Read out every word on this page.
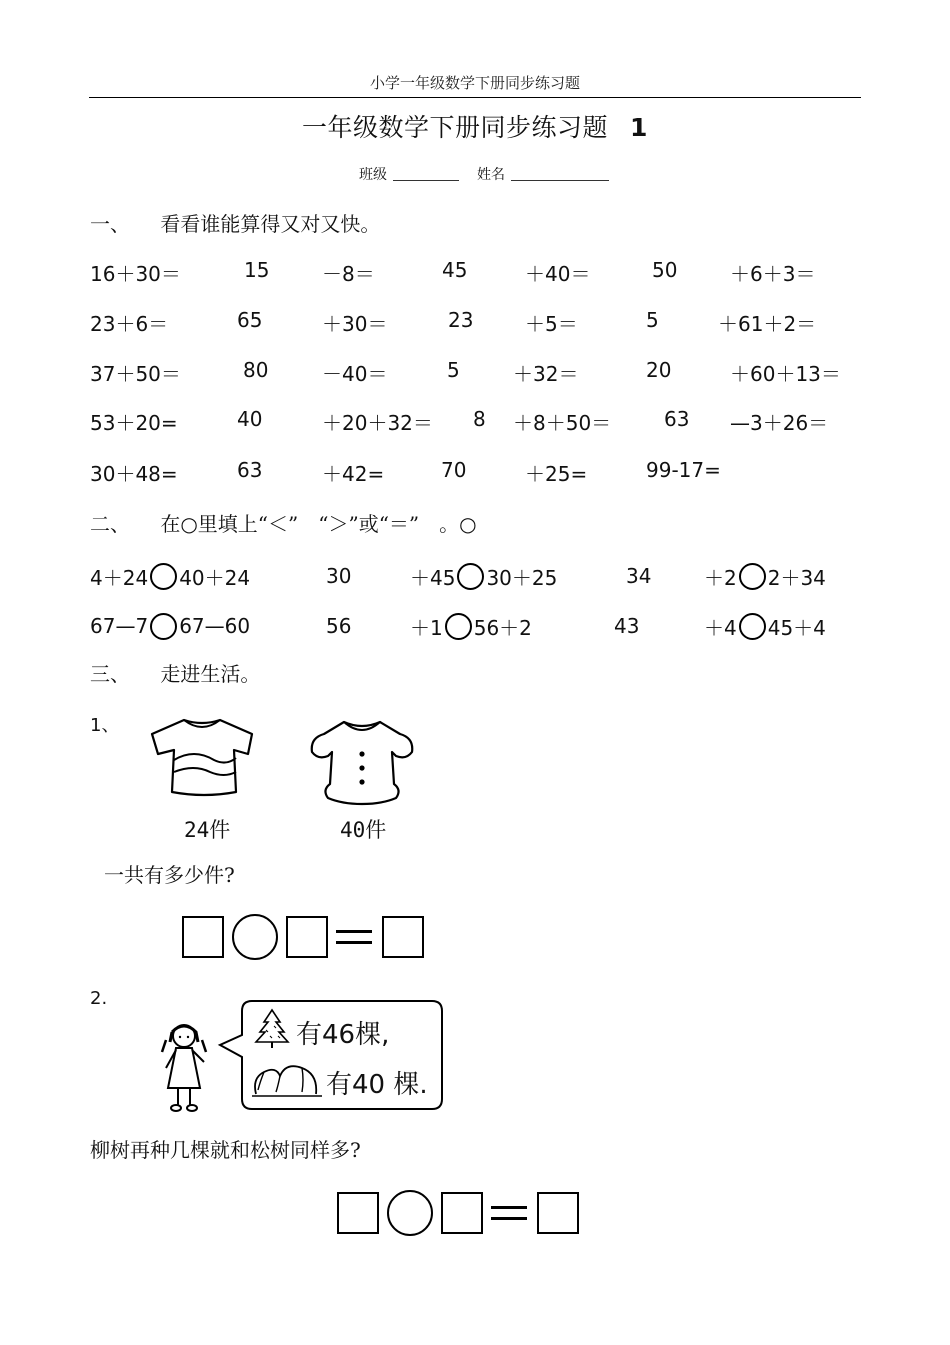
小学一年级数学下册同步练习题
一年级数学下册同步练习题 1
班级	姓名
一、 看看谁能算得又对又快。
16＋30＝	15	－8＝	45	＋40＝	50	＋6＋3＝
23＋6＝	65	＋30＝	23	＋5＝	5	＋61＋2＝
37＋50＝	80	－40＝	5	＋32＝	20	＋60＋13＝
53＋20=	40	＋20＋32＝ 8 ＋8＋50＝	63 —3＋26＝
30＋48=	63	＋42=	70	＋25=	99-17=
二、 在○里填上“＜”　“＞”或“＝”　。○
4＋24 40＋24	30	＋45 30＋25	34	＋2 2＋34
67—7 67—60	56	＋1 56＋2	43	＋4 45＋4
三、 走进生活。
1、
24件	40件
一共有多少件?
2.
有46棵,
有40 棵.
柳树再种几棵就和松树同样多?
